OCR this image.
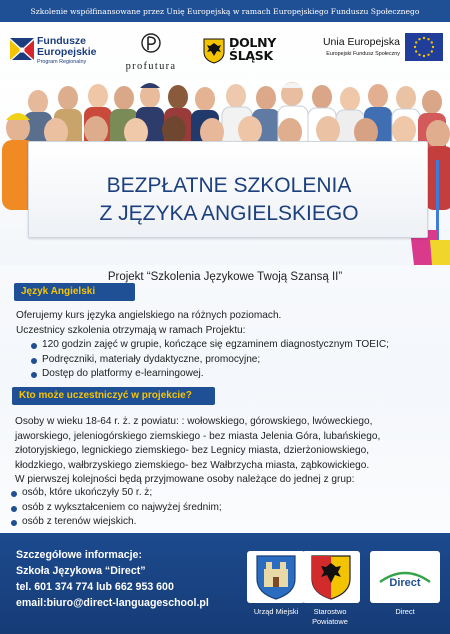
Szkolenie współfinansowane przez Unię Europejską w ramach Europejskiego Funduszu Społecznego
Fundusze
Europejskie
Program Regionalny	profutura
DOLNY
ŚLĄSK
Unia Europejska
Europejski Fundusz Społeczny
BEZPŁATNE SZKOLENIA
Z JĘZYKA ANGIELSKIEGO
Projekt “Szkolenia Językowe Twoją Szansą II”
Język Angielski
Oferujemy kurs języka angielskiego na różnych poziomach.
Uczestnicy szkolenia otrzymają w ramach Projektu:
120 godzin zajęć w grupie, kończące się egzaminem diagnostycznym TOEIC;
Podręczniki, materiały dydaktyczne, promocyjne;
Dostęp do platformy e-learningowej.
Kto może uczestniczyć w projekcie?
Osoby w wieku 18-64 r. ż. z powiatu: : wołowskiego, górowskiego, lwóweckiego,
jaworskiego, jeleniogórskiego ziemskiego - bez miasta Jelenia Góra, lubańskiego,
złotoryjskiego, legnickiego ziemskiego- bez Legnicy miasta, dzierżoniowskiego,
kłodzkiego, wałbrzyskiego ziemskiego- bez Wałbrzycha miasta, ząbkowickiego.
W pierwszej kolejności będą przyjmowane osoby należące do jednej z grup:
osób, które ukończyły 50 r. ż;
osób z wykształceniem co najwyżej średnim;
osób z terenów wiejskich.
Szczegółowe informacje:
Szkoła Językowa “Direct”
tel. 601 374 774 lub 662 953 600
email:biuro@direct-languageschool.pl
Direct
Urząd Miejski	Starostwo
Powiatowe
Direct
